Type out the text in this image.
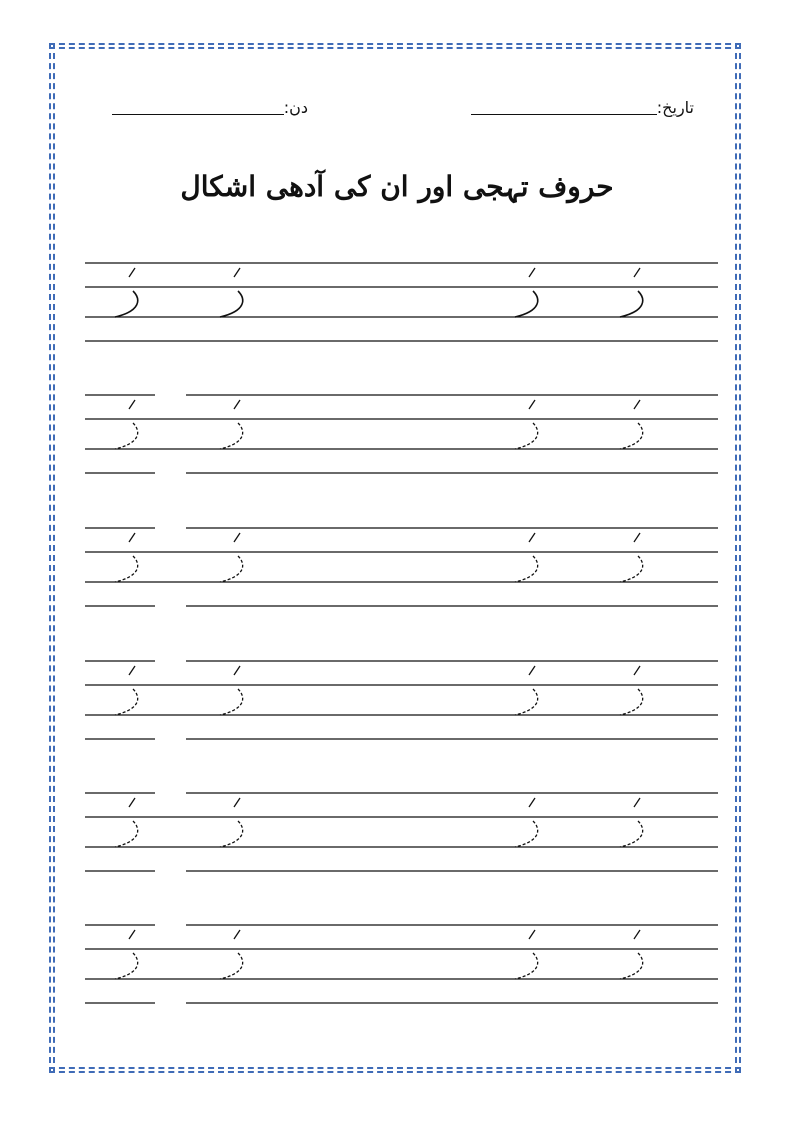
تاریخ:
دن:
حروف تہجی اور ان کی آدھی اشکال
